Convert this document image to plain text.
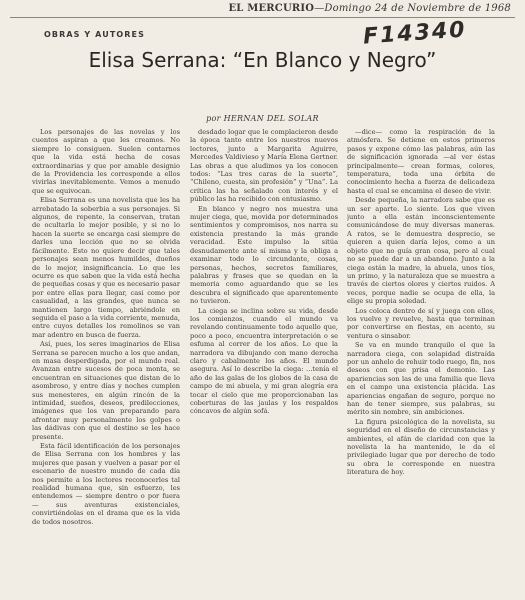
EL MERCURIO—Domingo 24 de Noviembre de 1968
F14340
OBRAS Y AUTORES
Elisa Serrana: “En Blanco y Negro”
por HERNAN DEL SOLAR

Los personajes de las novelas y los cuentos aspiran a que les creamos. No siempre lo consiguen. Suelen contarnos que la vida está hecha de cosas extraordinarias y que por amable designio de la Providencia les corresponde a ellos vivirlas inevitablemente. Vemos a menudo que se equivocan.

Elisa Serrana es una novelista que les ha arrebatado la soberbia a sus personajes. Si algunos, de repente, la conservan, tratan de ocultarla lo mejor posible, y si no lo hacen la suerte se encarga casi siempre de darles una lección que no se olvida fácilmente. Esto no quiere decir que tales personajes sean menos humildes, dueños de lo mejor, insignificancia. Lo que les ocurre es que saben que la vida está hecha de pequeñas cosas y que es necesario pasar por entre ellas para llegar, casi como por casualidad, a las grandes, que nunca se mantienen largo tiempo, abriéndole en seguida el paso a la vida corriente, menuda, entre cuyos detalles los remolinos se van mar adentro en busca de fuerza.

Así, pues, los seres imaginarios de Elisa Serrana se parecen mucho a los que andan, en masa desperdigada, por el mundo real. Avanzan entre sucesos de poca monta, se encuentran en situaciones que distan de lo asombroso, y entre días y noches cumplen sus menesteres, en algún rincón de la intimidad, sueños, deseos, predilecciones, imágenes que los van preparando para afrontar muy personalmente los golpes o las dádivas con que el destino se les hace presente.

Esta fácil identificación de los personajes de Elisa Serrana con los hombres y las mujeres que pasan y vuelven a pasar por el escenario de nuestro mundo de cada día nos permite a los lectores reconocerles tal realidad humana que, sin esfuerzo, les entendemos — siempre dentro o por fuera — sus aventuras existenciales, convirtiéndolas en el drama que es la vida de todos nosotros.

desdado logar que le complacieron desde la época tanto entre los nuestros nuevos lectores, junto a Margarita Aguirre, Mercedes Valdivieso y María Elena Gertner. Las obras a que aludimos ya los conocen todos: “Las tres caras de la suerte”, “Chileno, cuesta, sin profesión” y “Una”. La crítica las ha señalado con interés y el público las ha recibido con entusiasmo.

En blanco y negro nos muestra una mujer ciega, que, movida por determinados sentimientos y compromisos, nos narra su existencia prestando la más grande veracidad. Este impulso la sitúa desnudamente ante sí misma y la obliga a examinar todo lo circundante, cosas, personas, hechos, secretos familiares, palabras y frases que se quedan en la memoria como aguardando que se les descubra el significado que aparentemente no tuvieron.

La ciega se inclina sobre su vida, desde los comienzos, cuando el mundo va revelando continuamente todo aquello que, poco a poco, encuentra interpretación o se esfuma al correr de los años. Lo que la narradora va dibujando con mano derecha claro y cabalmente los años. El mundo asegura. Así lo describe la ciega: ...tenía el año de las galas de los globos de la casa de campo de mi abuela, y mi gran alegría era tocar el cielo que me proporcionaban las coberturas de las jaulas y los respaldos cóncavos de algún sofá.

—dice— como la respiración de la atmósfera. Se detiene en estos primeros pasos y expone cómo las palabras, aún las de significación ignorada —al ver éstas principalmente— crean formas, colores, temperatura, toda una órbita de conocimiento hecha a fuerza de delicadeza hasta el cual se encamina el deseo de vivir.

Desde pequeña, la narradora sabe que es un ser aparte. Lo siente. Los que viven junto a ella están inconscientemente comunicándose de muy diversas maneras. A ratos, se le demuestra desprecio, se quieren a quien daría lejos, como a un objeto que no guía gran cosa, pero al cual no se puede dar a un abandono. Junto a la ciega están la madre, la abuela, unos tíos, un primo, y la naturaleza que se muestra a través de ciertos olores y ciertos ruidos. A veces, porque nadie se ocupa de ella, la elige su propia soledad.

Los coloca dentro de sí y juega con ellos, los vuelve y revuelve, hasta que terminan por convertirse en fiestas, en acento, su ventura o sinsabor.

Se va en mundo tranquilo el que la narradora ciega, con solapidad distraída por un anhelo de rehuir todo ruego, fin, nos deseos con que prisa el demonio. Las apariencias son las de una familia que lleva en el campo una existencia plácida. Las apariencias engañan de seguro, porque no han de tener siempre, sus palabras, su mérito sin nombre, sin ambiciones.

La figura psicológica de la novelista, su seguridad en el diseño de circunstancias y ambientes, el afán de claridad con que la novelista la ha mantenido, le da el privilegiado lugar que por derecho de todo su obra le corresponde en nuestra literatura de hoy.
